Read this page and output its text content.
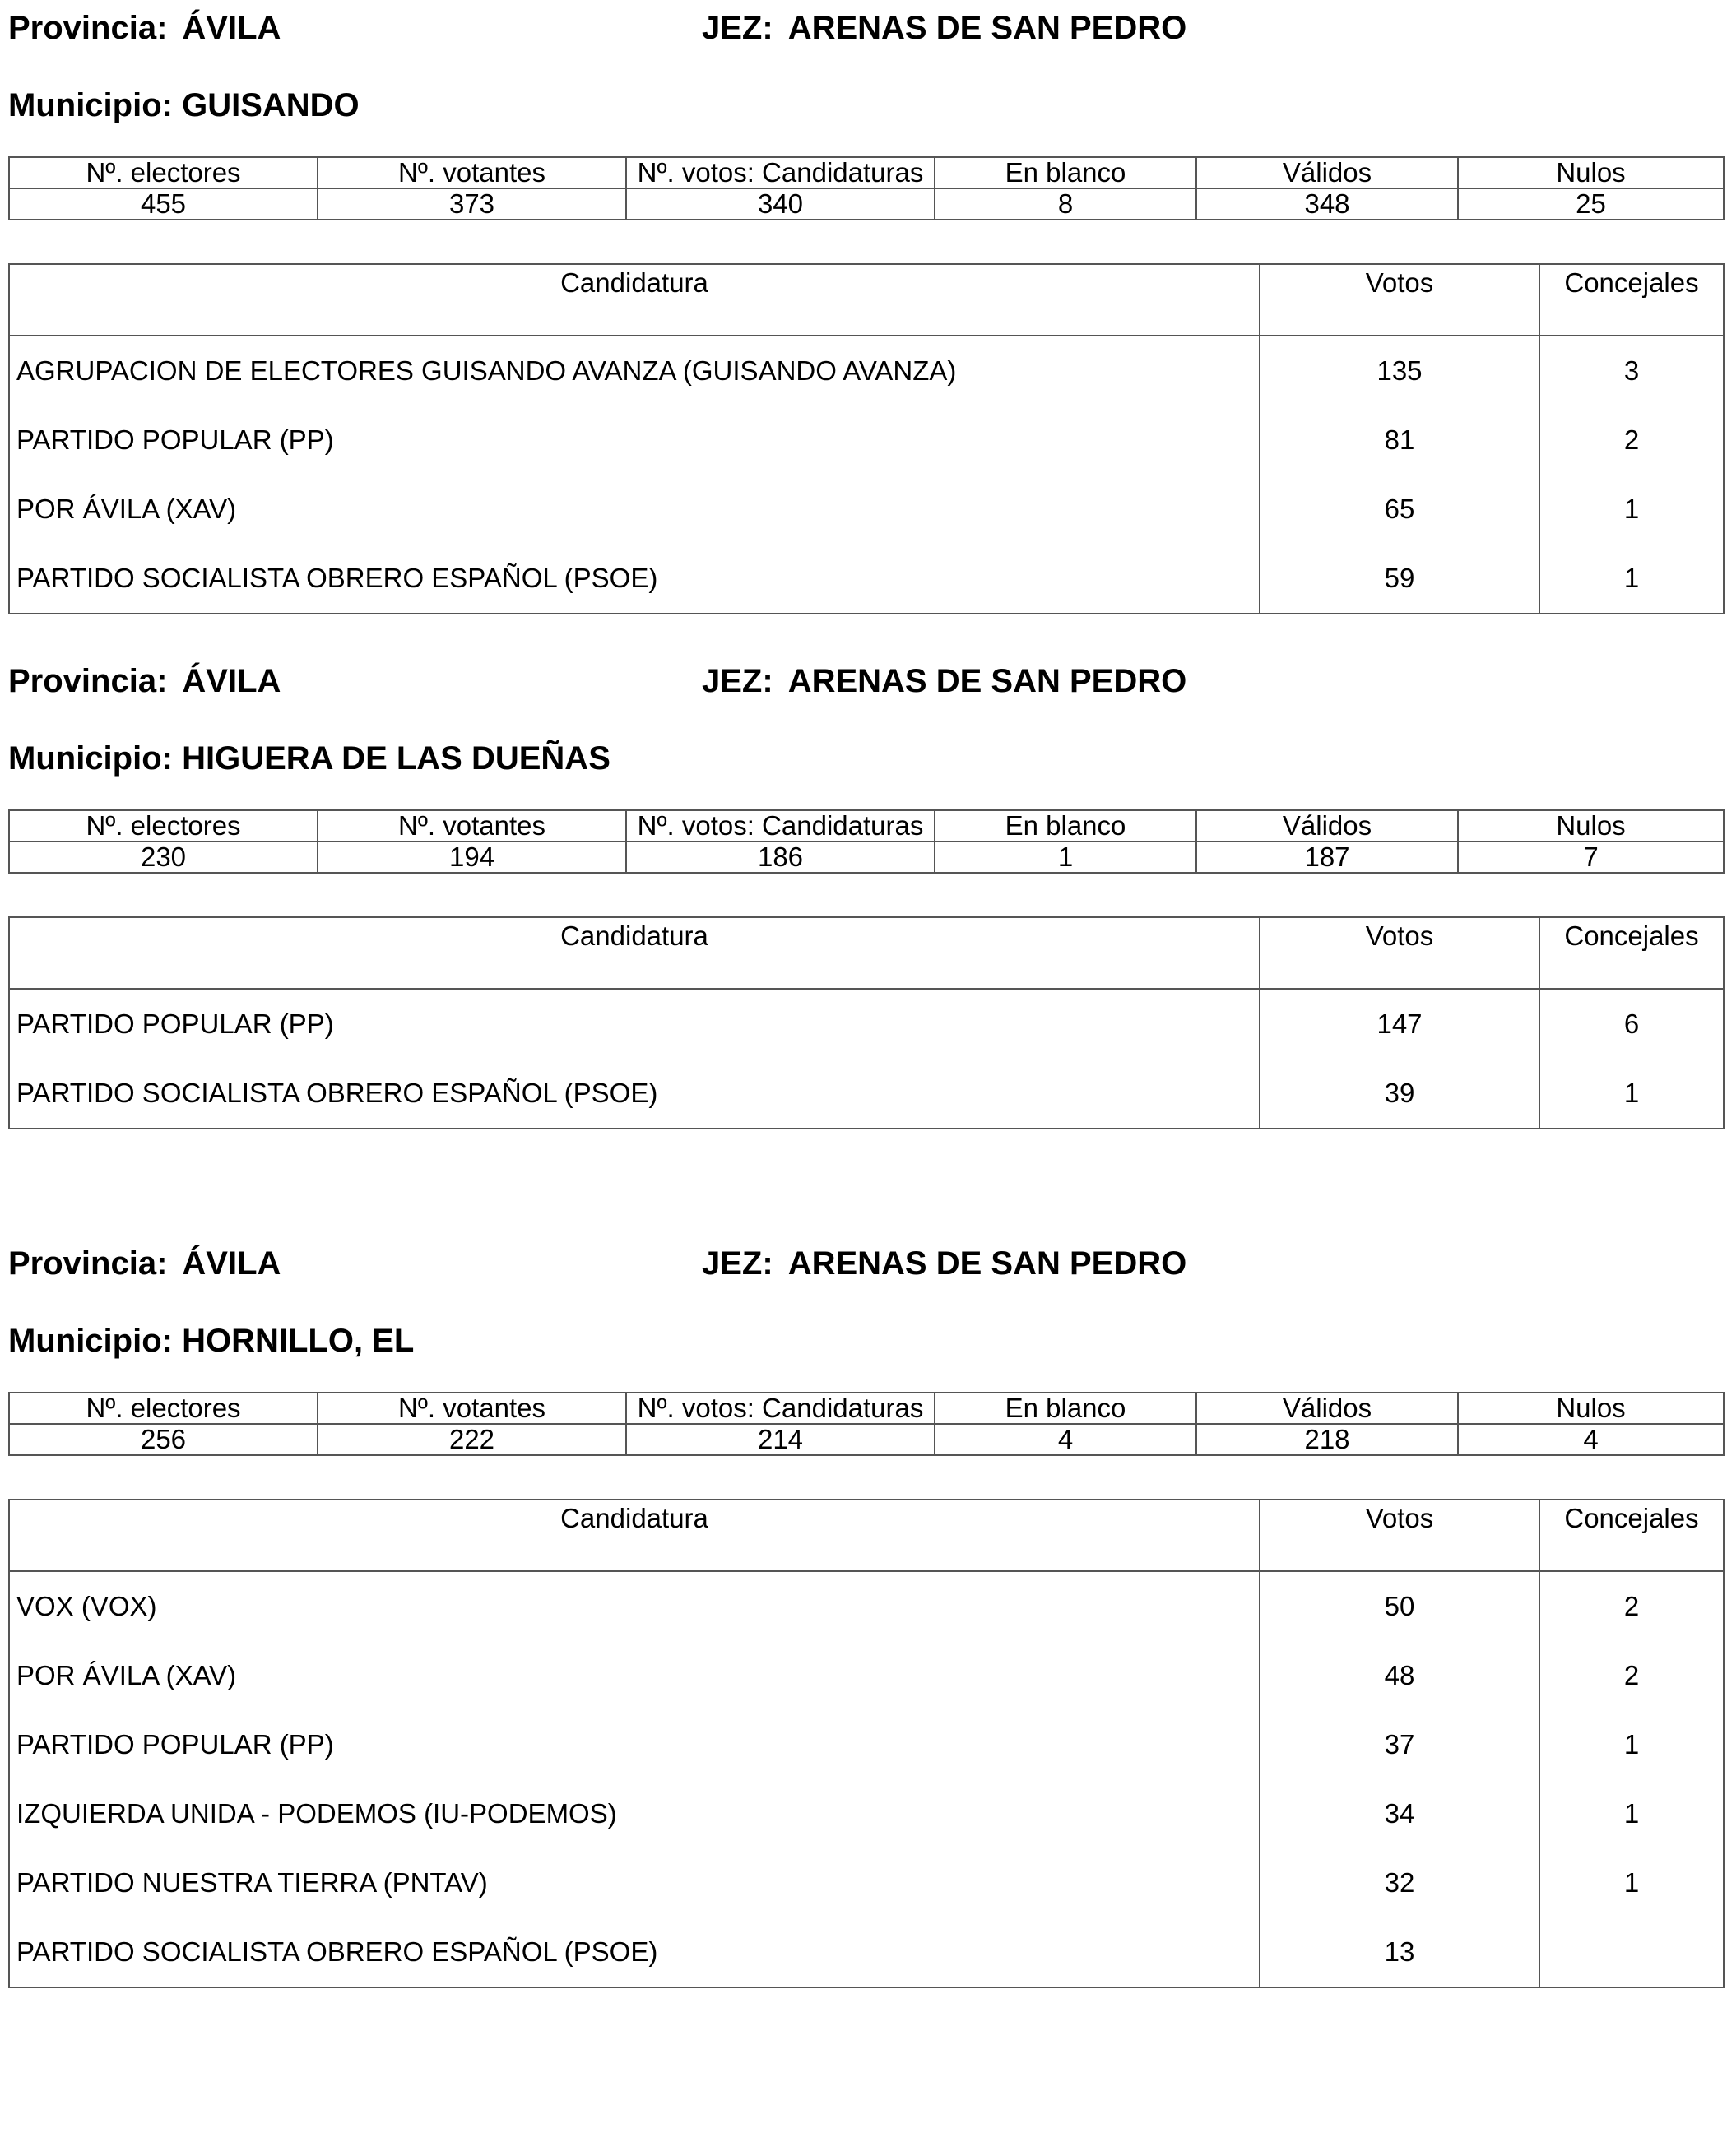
Provincia: ÁVILA	JEZ: ARENAS DE SAN PEDRO
Municipio: GUISANDO
Nº. electores	Nº. votantes	Nº. votos: Candidaturas	En blanco	Válidos	Nulos
455	373	340	8	348	25
Candidatura	Votos	Concejales
AGRUPACION DE ELECTORES GUISANDO AVANZA (GUISANDO AVANZA)	135	3
PARTIDO POPULAR (PP)	81	2
POR ÁVILA (XAV)	65	1
PARTIDO SOCIALISTA OBRERO ESPAÑOL (PSOE)	59	1
Provincia: ÁVILA	JEZ: ARENAS DE SAN PEDRO
Municipio: HIGUERA DE LAS DUEÑAS
Nº. electores	Nº. votantes	Nº. votos: Candidaturas	En blanco	Válidos	Nulos
230	194	186	1	187	7
Candidatura	Votos	Concejales
PARTIDO POPULAR (PP)	147	6
PARTIDO SOCIALISTA OBRERO ESPAÑOL (PSOE)	39	1
Provincia: ÁVILA	JEZ: ARENAS DE SAN PEDRO
Municipio: HORNILLO, EL
Nº. electores	Nº. votantes	Nº. votos: Candidaturas	En blanco	Válidos	Nulos
256	222	214	4	218	4
Candidatura	Votos	Concejales
VOX (VOX)	50	2
POR ÁVILA (XAV)	48	2
PARTIDO POPULAR (PP)	37	1
IZQUIERDA UNIDA - PODEMOS (IU-PODEMOS)	34	1
PARTIDO NUESTRA TIERRA (PNTAV)	32	1
PARTIDO SOCIALISTA OBRERO ESPAÑOL (PSOE)	13	
